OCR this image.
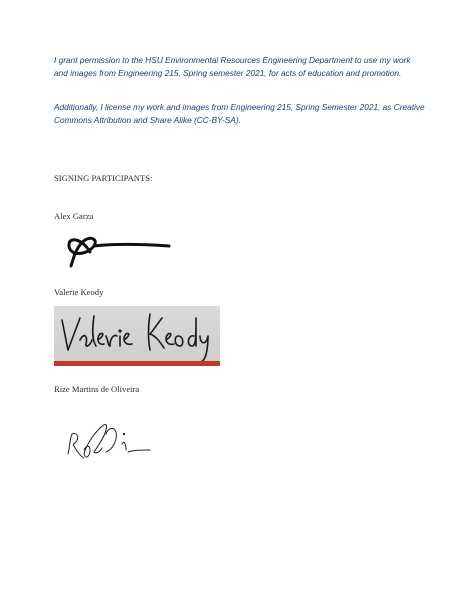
I grant permission to the HSU Environmental Resources Engineering Department to use my work and images from Engineering 215, Spring semester 2021, for acts of education and promotion.

Additionally, I license my work and images from Engineering 215, Spring Semester 2021, as Creative Commons Attribution and Share Alike (CC-BY-SA).

SIGNING PARTICIPANTS:

Alex Garza

Valerie Keody

Rize Martins de Oliveira
